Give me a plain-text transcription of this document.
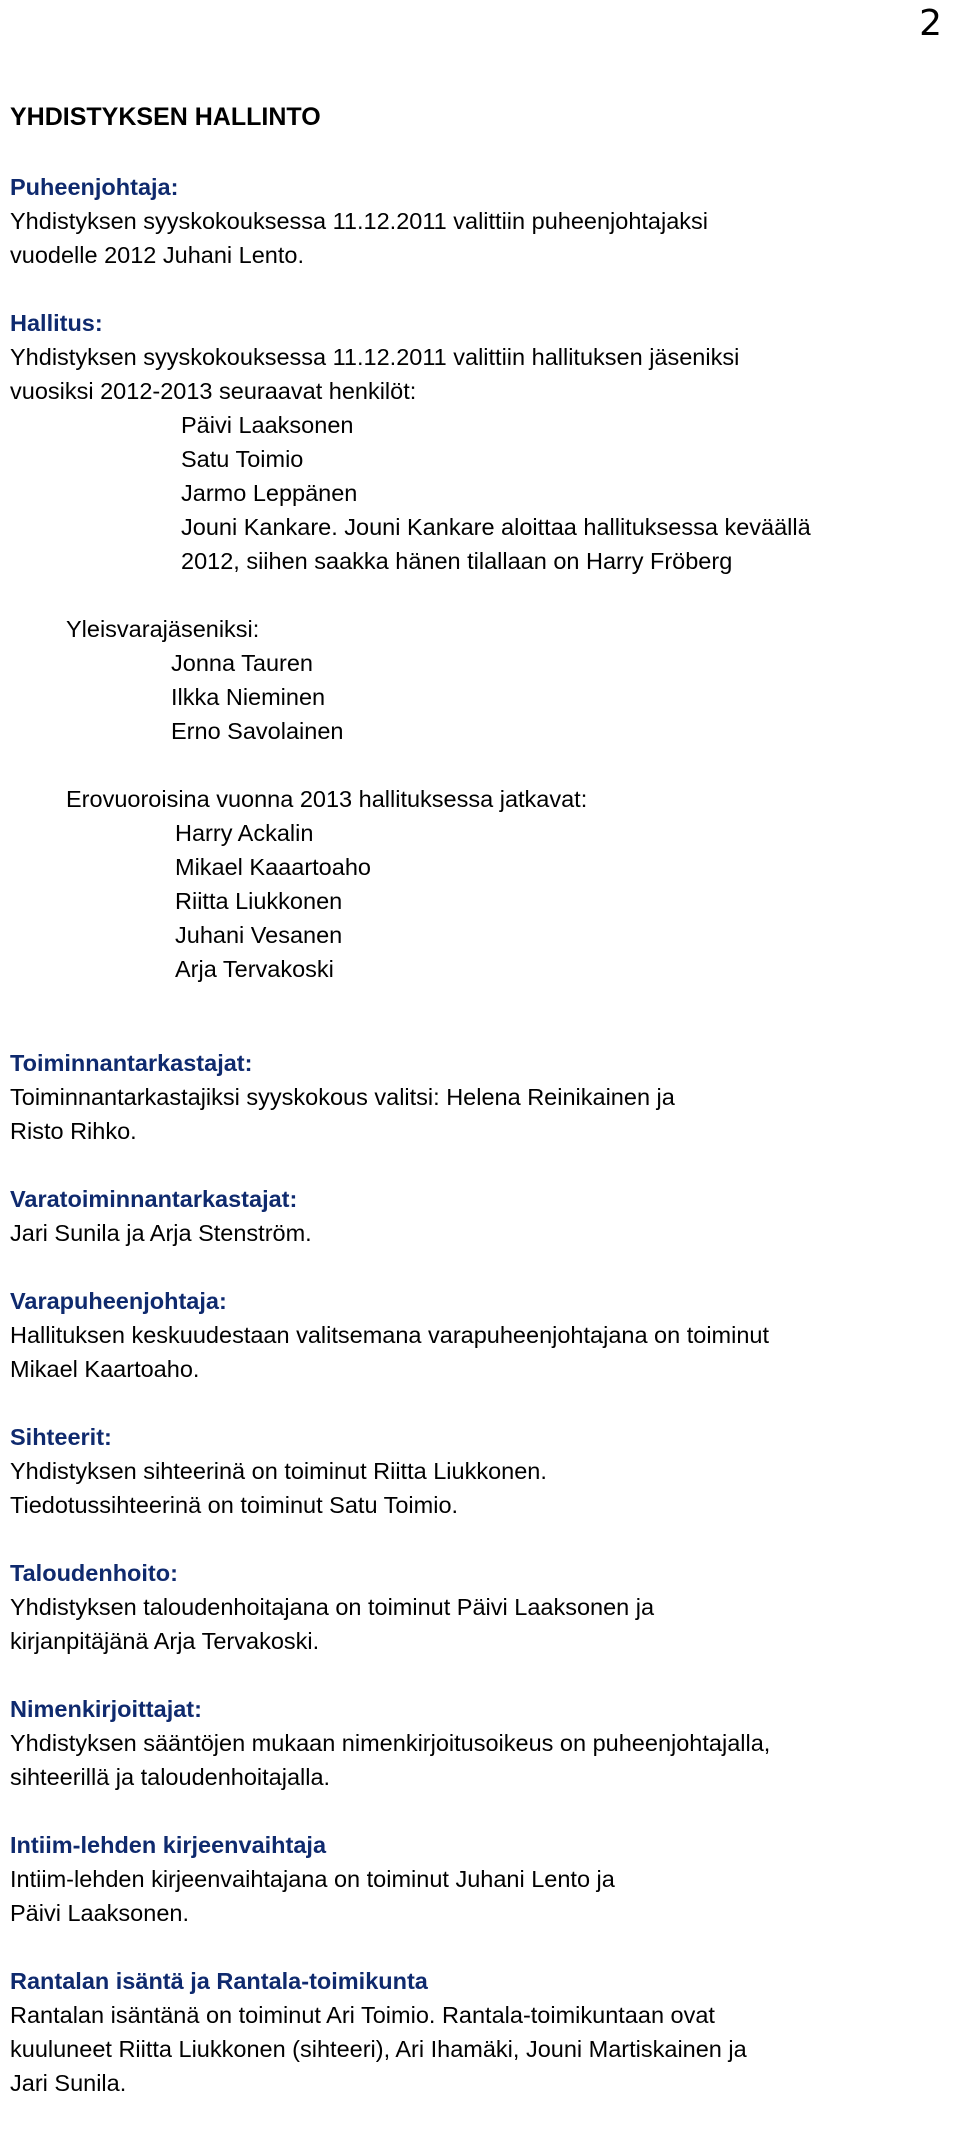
2
YHDISTYKSEN HALLINTO
Puheenjohtaja:
Yhdistyksen syyskokouksessa 11.12.2011 valittiin puheenjohtajaksi
vuodelle 2012 Juhani Lento.
Hallitus:
Yhdistyksen syyskokouksessa 11.12.2011 valittiin hallituksen jäseniksi
vuosiksi 2012-2013 seuraavat henkilöt:
Päivi Laaksonen
Satu Toimio
Jarmo Leppänen
Jouni Kankare. Jouni Kankare aloittaa hallituksessa keväällä
2012, siihen saakka hänen tilallaan on Harry Fröberg
Yleisvarajäseniksi:
Jonna Tauren
Ilkka Nieminen
Erno Savolainen
Erovuoroisina vuonna 2013 hallituksessa jatkavat:
Harry Ackalin
Mikael Kaaartoaho
Riitta Liukkonen
Juhani Vesanen
Arja Tervakoski
Toiminnantarkastajat:
Toiminnantarkastajiksi syyskokous valitsi: Helena Reinikainen ja
Risto Rihko.
Varatoiminnantarkastajat:
Jari Sunila ja Arja Stenström.
Varapuheenjohtaja:
Hallituksen keskuudestaan valitsemana varapuheenjohtajana on toiminut
Mikael Kaartoaho.
Sihteerit:
Yhdistyksen sihteerinä on toiminut Riitta Liukkonen.
Tiedotussihteerinä on toiminut Satu Toimio.
Taloudenhoito:
Yhdistyksen taloudenhoitajana on toiminut Päivi Laaksonen ja
kirjanpitäjänä Arja Tervakoski.
Nimenkirjoittajat:
Yhdistyksen sääntöjen mukaan nimenkirjoitusoikeus on puheenjohtajalla,
sihteerillä ja taloudenhoitajalla.
Intiim-lehden kirjeenvaihtaja
Intiim-lehden kirjeenvaihtajana on toiminut Juhani Lento ja
Päivi Laaksonen.
Rantalan isäntä ja Rantala-toimikunta
Rantalan isäntänä on toiminut Ari Toimio. Rantala-toimikuntaan ovat
kuuluneet Riitta Liukkonen (sihteeri), Ari Ihamäki, Jouni Martiskainen ja
Jari Sunila.
